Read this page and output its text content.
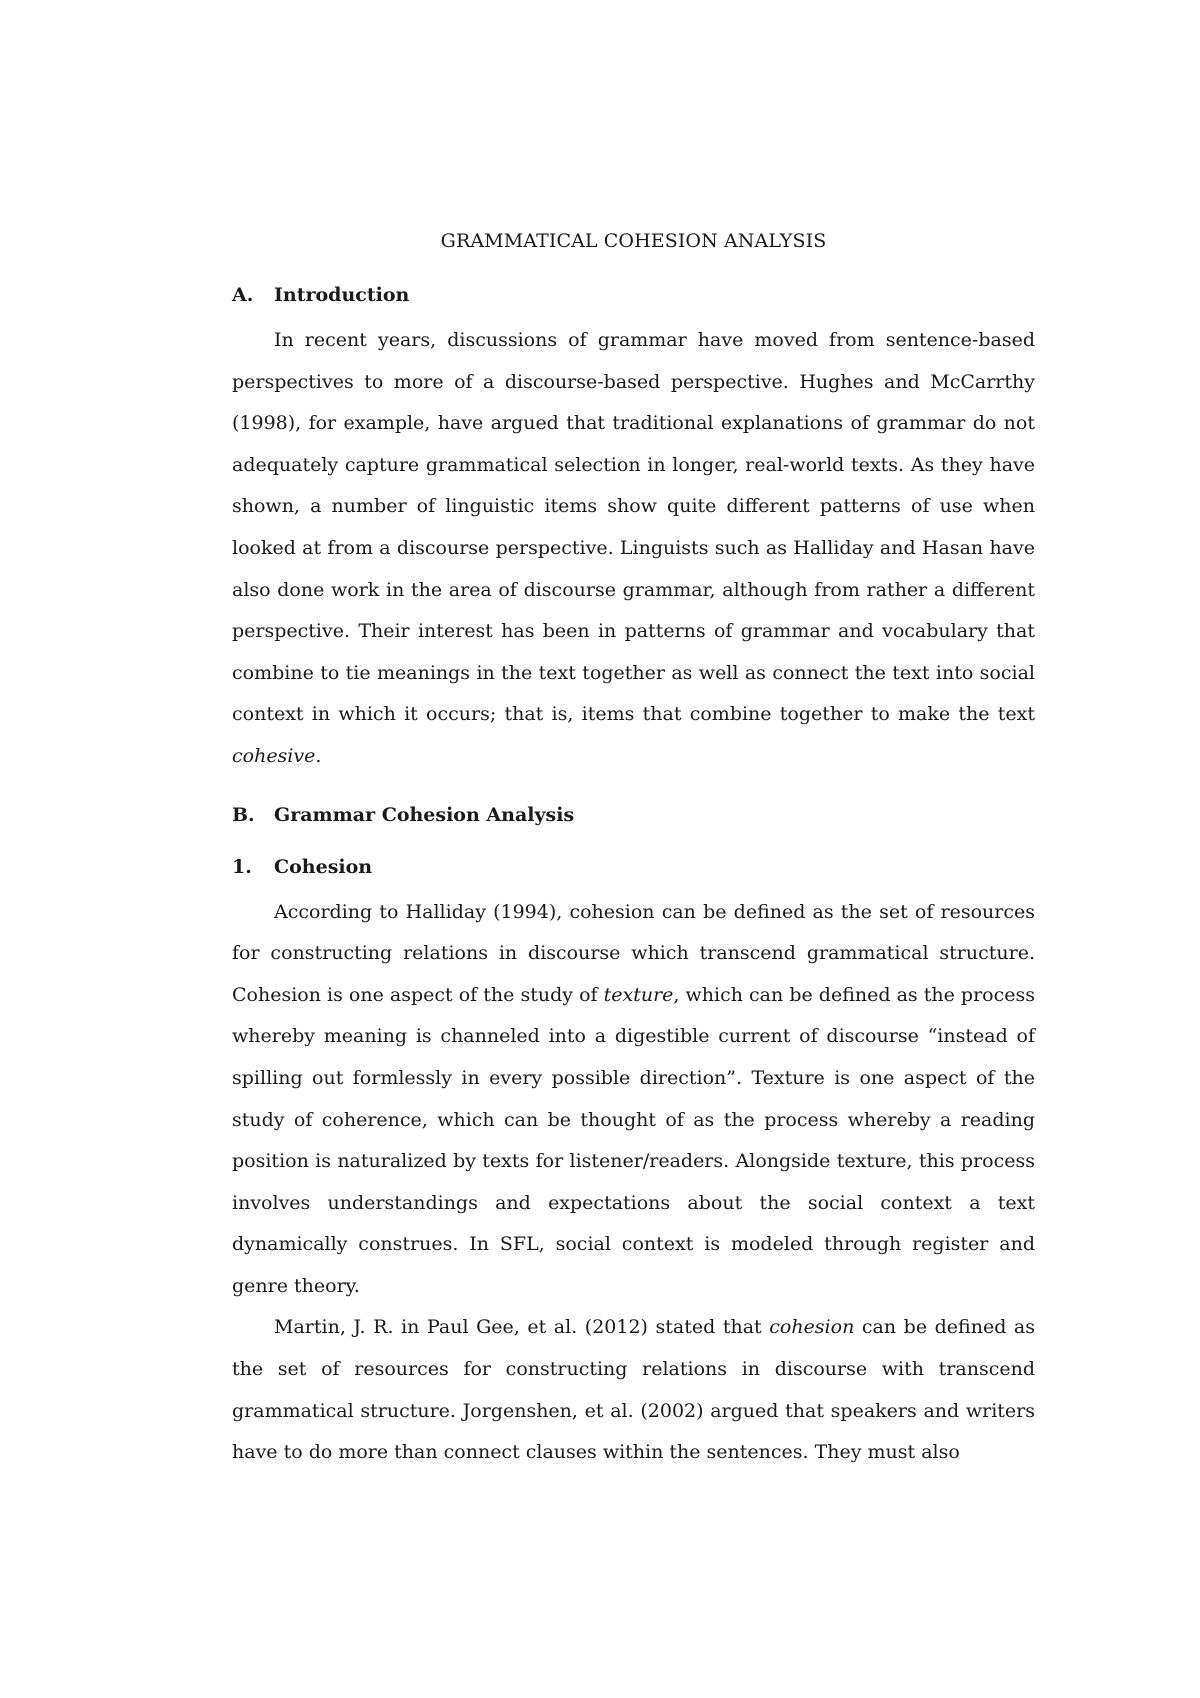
GRAMMATICAL COHESION ANALYSIS
A.	Introduction

In recent years, discussions of grammar have moved from sentence-based perspectives to more of a discourse-based perspective. Hughes and McCarrthy (1998), for example, have argued that traditional explanations of grammar do not adequately capture grammatical selection in longer, real-world texts. As they have shown, a number of linguistic items show quite different patterns of use when looked at from a discourse perspective. Linguists such as Halliday and Hasan have also done work in the area of discourse grammar, although from rather a different perspective. Their interest has been in patterns of grammar and vocabulary that combine to tie meanings in the text together as well as connect the text into social context in which it occurs; that is, items that combine together to make the text cohesive.

B.	Grammar Cohesion Analysis
1.	Cohesion

According to Halliday (1994), cohesion can be defined as the set of resources for constructing relations in discourse which transcend grammatical structure. Cohesion is one aspect of the study of texture, which can be defined as the process whereby meaning is channeled into a digestible current of discourse “instead of spilling out formlessly in every possible direction”. Texture is one aspect of the study of coherence, which can be thought of as the process whereby a reading position is naturalized by texts for listener/readers. Alongside texture, this process involves understandings and expectations about the social context a text dynamically construes. In SFL, social context is modeled through register and genre theory.

Martin, J. R. in Paul Gee, et al. (2012) stated that cohesion can be defined as the set of resources for constructing relations in discourse with transcend grammatical structure. Jorgenshen, et al. (2002) argued that speakers and writers have to do more than connect clauses within the sentences. They must also
